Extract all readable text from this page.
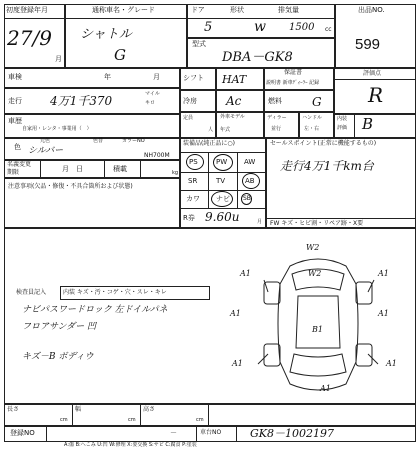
初度登録年月
27/9
月
通称車名・グレード
シャトル
G
ドア	形状	排気量
5	w 1500 cc
型式
DBA－GK8
出品NO.
599
車検	年	月
走行 4万1千370	マイル
キロ
シフト HAT
冷房 Ac
保証書
説明書 新車ﾃﾞｨｰﾗｰ 記録
燃料	G
評価点
R
車歴
自家用・レンタ・事業用（　）
定員
人
外車モデル
年式
ディラー
並行
ハンドル
左・右
内装
評価 B
色
元色	色替	カラーNO
シルバー	NH700M
名義変更
期限	月　日	積載	kg
装備品(純正品に○)
PS	PW AW
SR	TV	AB
カワ ナビ SB
R券 9.60u	月
セールスポイント(正常に機能するもの)
走行4万1千km台
FW キズ・ヒビ割・リペア跡・X要
注意事項(欠品・修復・不具合箇所および状態)
検査員記入	内装 キズ・汚・コゲ・穴・スレ・キレ
ナビパスワードロック 左ドイルパネ
フロアサンダー 凹
キズ－B ボディウ
W2
W2
A1	A1
A1	A1
B1
A1	A1
A1
長さ
cm
幅
cm
高さ
cm
登録NO	－	車台NO	GK8－1002197
A:傷 B:へこみ U:凹 W:修理 X:要交換 S:サビ C:腐食 P:塗装
